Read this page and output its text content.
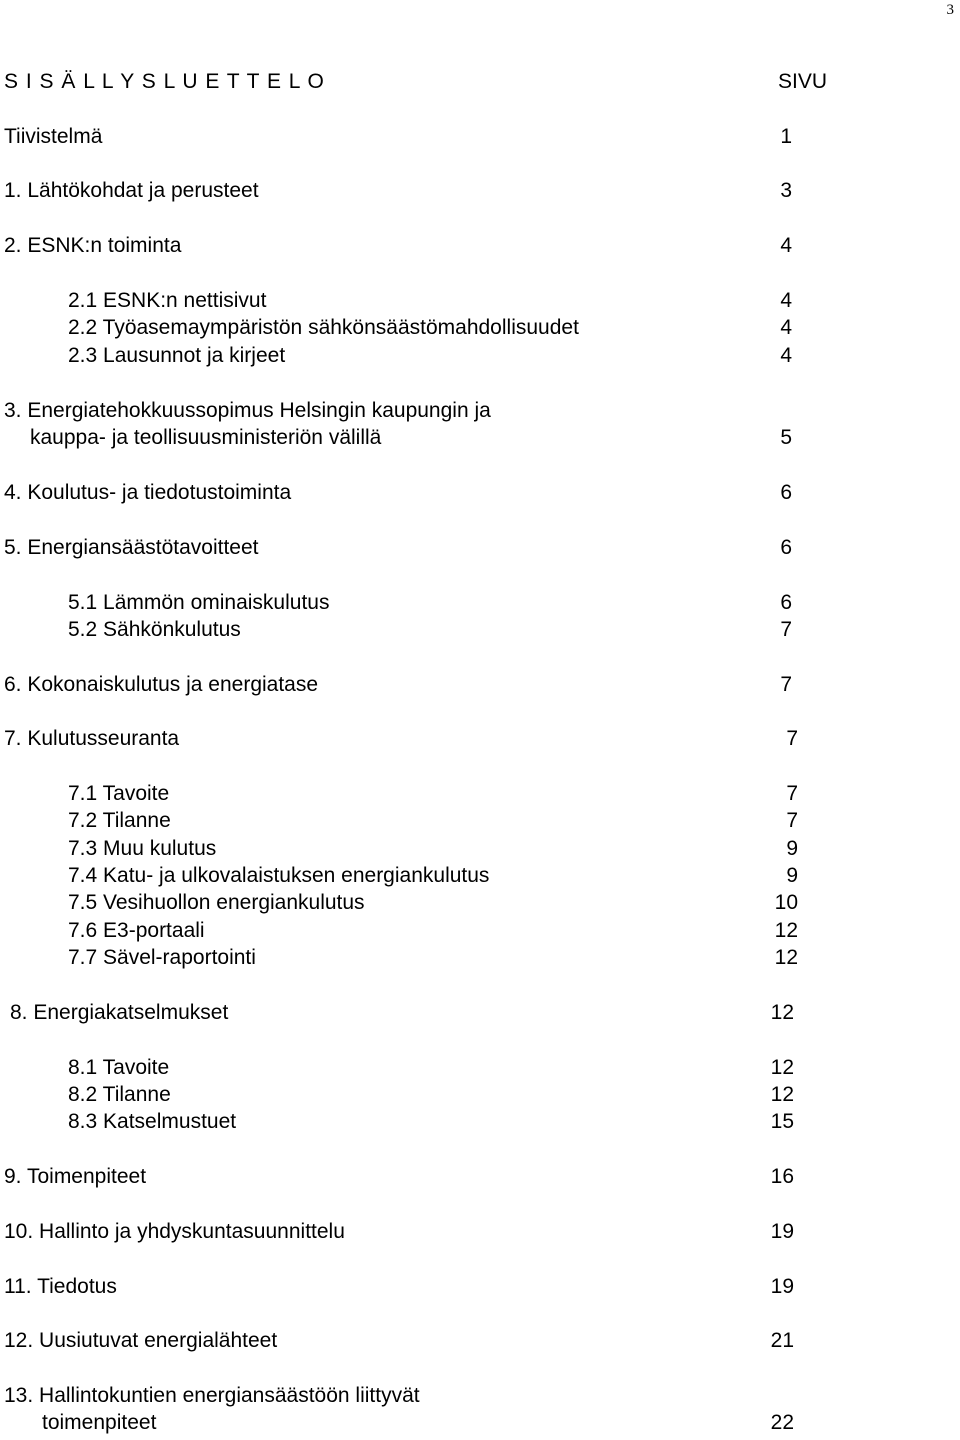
3
S I S Ä L L Y S L U E T T E L O	SIVU
Tiivistelmä	1
1. Lähtökohdat ja perusteet	3
2. ESNK:n toiminta	4
2.1 ESNK:n nettisivut	4
2.2 Työasemaympäristön sähkönsäästömahdollisuudet	4
2.3 Lausunnot ja kirjeet	4
3. Energiatehokkuussopimus Helsingin kaupungin ja
kauppa- ja teollisuusministeriön välillä	5
4. Koulutus- ja tiedotustoiminta	6
5. Energiansäästötavoitteet	6
5.1 Lämmön ominaiskulutus	6
5.2 Sähkönkulutus	7
6. Kokonaiskulutus ja energiatase	7
7. Kulutusseuranta	7
7.1 Tavoite	7
7.2 Tilanne	7
7.3 Muu kulutus	9
7.4 Katu- ja ulkovalaistuksen energiankulutus	9
7.5 Vesihuollon energiankulutus	10
7.6 E3-portaali	12
7.7 Sävel-raportointi	12
8. Energiakatselmukset	12
8.1 Tavoite	12
8.2 Tilanne	12
8.3 Katselmustuet	15
9. Toimenpiteet	16
10. Hallinto ja yhdyskuntasuunnittelu	19
11. Tiedotus	19
12. Uusiutuvat energialähteet	21
13. Hallintokuntien energiansäästöön liittyvät
toimenpiteet	22
